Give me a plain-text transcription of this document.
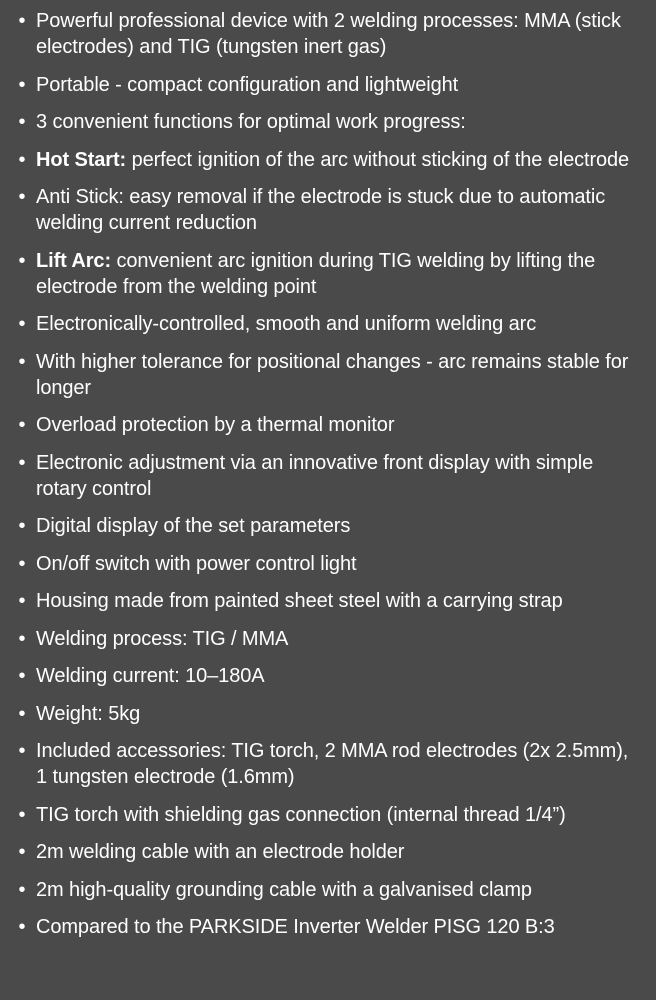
• Powerful professional device with 2 welding processes: MMA (stick electrodes) and TIG (tungsten inert gas)
• Portable - compact configuration and lightweight
• 3 convenient functions for optimal work progress:
• Hot Start: perfect ignition of the arc without sticking of the electrode
• Anti Stick: easy removal if the electrode is stuck due to automatic welding current reduction
• Lift Arc: convenient arc ignition during TIG welding by lifting the electrode from the welding point
• Electronically-controlled, smooth and uniform welding arc
• With higher tolerance for positional changes - arc remains stable for longer
• Overload protection by a thermal monitor
• Electronic adjustment via an innovative front display with simple rotary control
• Digital display of the set parameters
• On/off switch with power control light
• Housing made from painted sheet steel with a carrying strap
• Welding process: TIG / MMA
• Welding current: 10–180A
• Weight: 5kg
• Included accessories: TIG torch, 2 MMA rod electrodes (2x 2.5mm), 1 tungsten electrode (1.6mm)
• TIG torch with shielding gas connection (internal thread 1/4”)
• 2m welding cable with an electrode holder
• 2m high-quality grounding cable with a galvanised clamp
• Compared to the PARKSIDE Inverter Welder PISG 120 B:3
